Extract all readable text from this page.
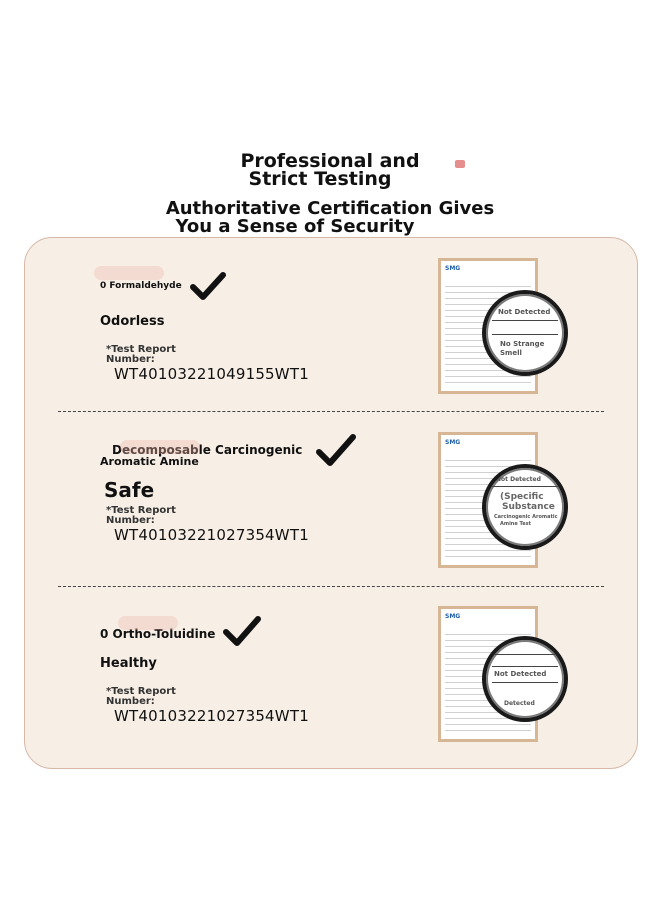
Professional and
Strict Testing
Authoritative Certification Gives
You a Sense of Security
0 Formaldehyde
Odorless
*Test Report
Number:
WT40103221049155WT1
SMG
Not Detected
No Strange
Smell
Decomposable Carcinogenic
Aromatic Amine
Safe
*Test Report
Number:
WT40103221027354WT1
SMG
Not Detected
(Specific
Substance
Carcinogenic Aromatic
Amine Test
0 Ortho-Toluidine
Healthy
*Test Report
Number:
WT40103221027354WT1
SMG
Not Detected
Detected
